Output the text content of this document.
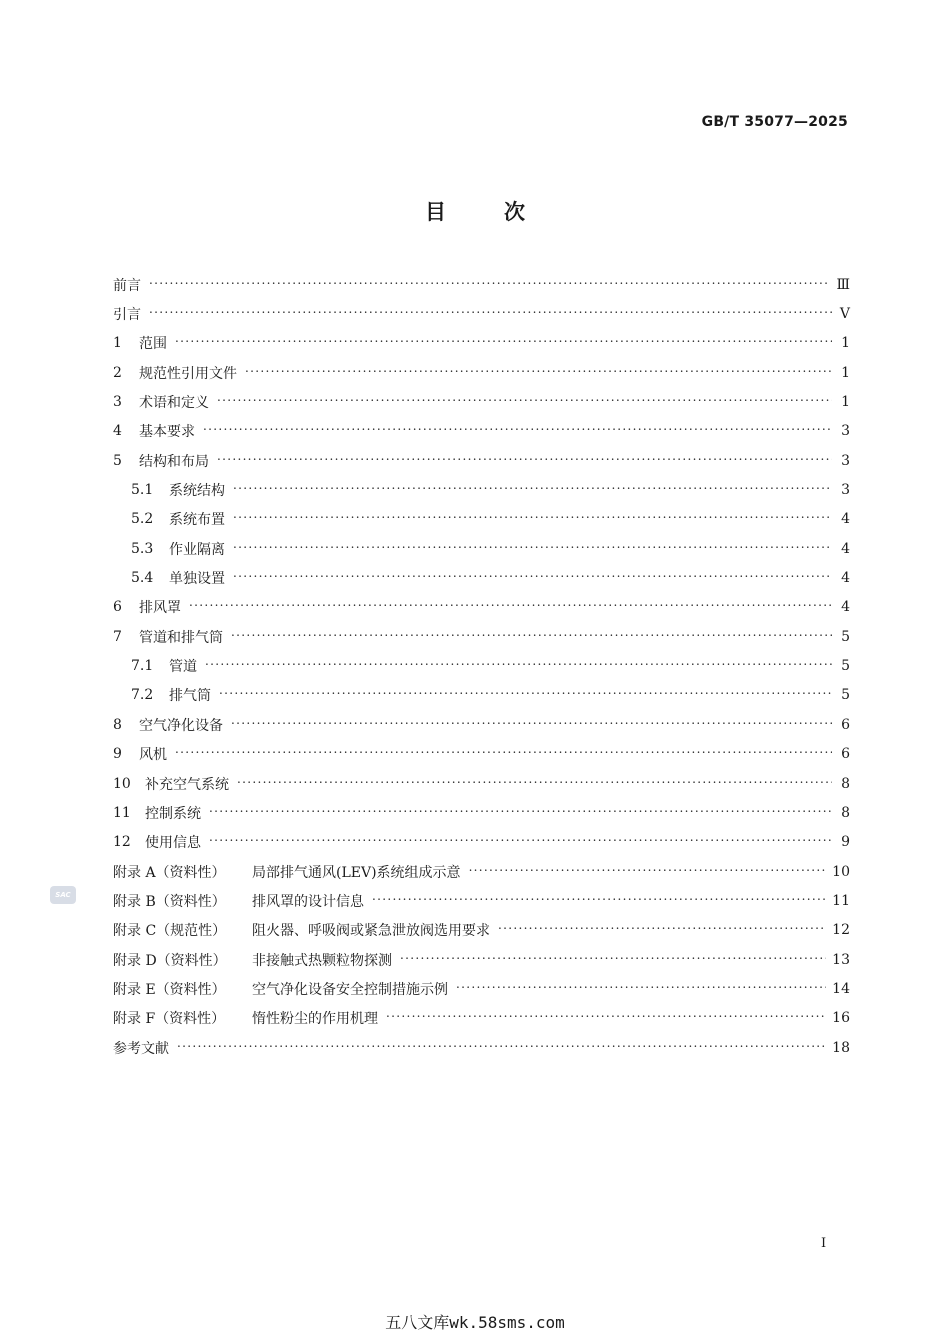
GB/T 35077—2025
目次
前言 .....	Ⅲ
引言 .....	Ⅴ
1	范围 .....	1
2	规范性引用文件 .....	1
3	术语和定义 .....	1
4	基本要求 .....	3
5	结构和布局 .....	3
5.1	系统结构 .....	3
5.2	系统布置 .....	4
5.3	作业隔离 .....	4
5.4	单独设置 .....	4
6	排风罩 .....	4
7	管道和排气筒 .....	5
7.1	管道 .....	5
7.2	排气筒 .....	5
8	空气净化设备 .....	6
9	风机 .....	6
10	补充空气系统 .....	8
11	控制系统 .....	8
12	使用信息 .....	9
附录 A（资料性）	局部排气通风(LEV)系统组成示意 .....	10
附录 B（资料性）	排风罩的设计信息 .....	11
附录 C（规范性）	阻火器、呼吸阀或紧急泄放阀选用要求 .....	12
附录 D（资料性）	非接触式热颗粒物探测 .....	13
附录 E（资料性）	空气净化设备安全控制措施示例 .....	14
附录 F（资料性）	惰性粉尘的作用机理 .....	16
参考文献 .....	18
SAC
Ⅰ
五八文库wk.58sms.com
